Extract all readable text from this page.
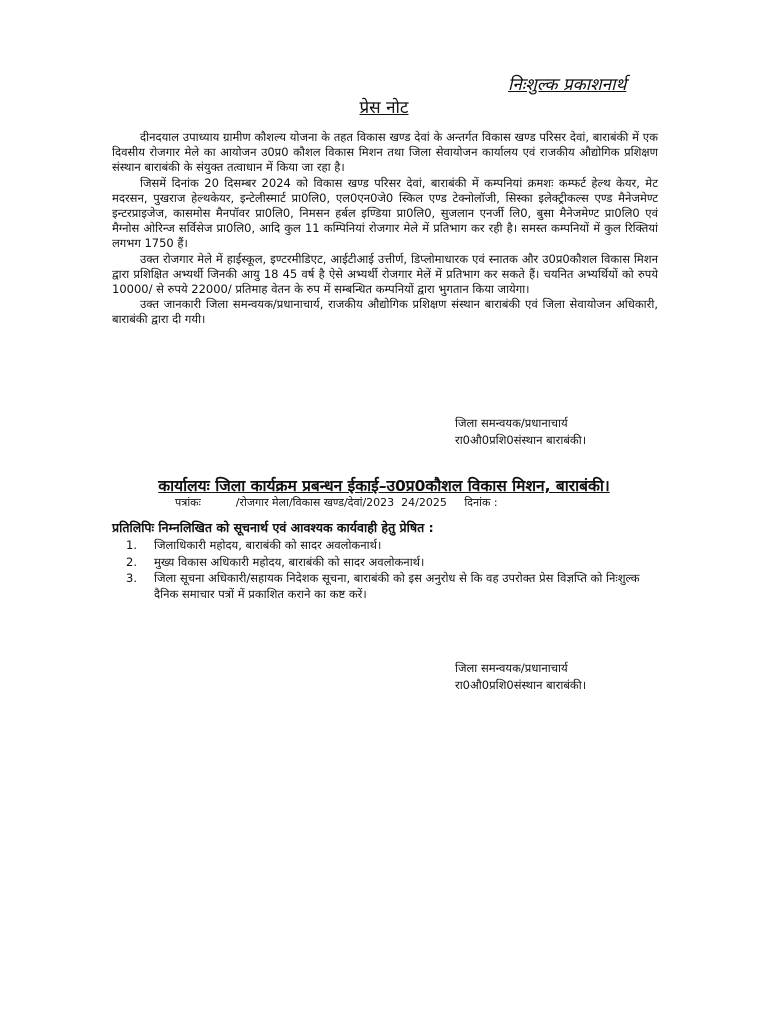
निःशुल्क प्रकाशनार्थ
प्रेस नोट

दीनदयाल उपाध्याय ग्रामीण कौशल्य योजना के तहत विकास खण्ड देवां के अन्तर्गत विकास खण्ड परिसर देवां, बाराबंकी में एक दिवसीय रोजगार मेले का आयोजन उ0प्र0 कौशल विकास मिशन तथा जिला सेवायोजन कार्यालय एवं राजकीय औद्योगिक प्रशिक्षण संस्थान बाराबंकी के संयुक्त तत्वाधान में किया जा रहा है।

जिसमें दिनांक 20 दिसम्बर 2024 को विकास खण्ड परिसर देवां, बाराबंकी में कम्पनियां क्रमशः कम्फर्ट हेल्थ केयर, मेट मदरसन, पुखराज हेल्थकेयर, इन्टेलीस्मार्ट प्रा0लि0, एल0एन0जे0 स्किल एण्ड टेक्नोलॉजी, सिस्का इलेक्ट्रीकल्स एण्ड मैनेजमेण्ट इन्टरप्राइजेज, कासमोस मैनपॉवर प्रा0लि0, निमसन हर्बल इण्डिया प्रा0लि0, सुजलान एनर्जी लि0, बुसा मैनेजमेण्ट प्रा0लि0 एवं मैग्नोस ओरिन्ज सर्विसेज प्रा0लि0, आदि कुल 11 कम्पिनियां रोजगार मेले में प्रतिभाग कर रही है। समस्त कम्पनियों में कुल रिक्तियां लगभग 1750 हैं।

उक्त रोजगार मेले में हाईस्कूल, इण्टरमीडिएट, आईटीआई उत्तीर्ण, डिप्लोमाधारक एवं स्नातक और उ0प्र0कौशल विकास मिशन द्वारा प्रशिक्षित अभ्यर्थी जिनकी आयु 18 45 वर्ष है ऐसे अभ्यर्थी रोजगार मेलें में प्रतिभाग कर सकते हैं। चयनित अभ्यर्थियों को रुपये 10000/ से रुपये 22000/ प्रतिमाह वेतन के रुप में सम्बन्धित कम्पनियों द्वारा भुगतान किया जायेगा।

उक्त जानकारी जिला समन्वयक/प्रधानाचार्य, राजकीय औद्योगिक प्रशिक्षण संस्थान बाराबंकी एवं जिला सेवायोजन अधिकारी, बाराबंकी द्वारा दी गयी।

जिला समन्वयक/प्रधानाचार्य
रा0औ0प्रशि0संस्थान बाराबंकी।
कार्यालयः जिला कार्यक्रम प्रबन्धन ईकाई–उ0प्र0कौशल विकास मिशन, बाराबंकी।
पत्रांकः          /रोजगार मेला/विकास खण्ड/देवां/2023  24/2025     दिनांक :
प्रतिलिपिः निम्नलिखित को सूचनार्थ एवं आवश्यक कार्यवाही हेतु प्रेषित :
1. जिलाधिकारी महोदय, बाराबंकी को सादर अवलोकनार्थ।
2. मुख्य विकास अधिकारी महोदय, बाराबंकी को सादर अवलोकनार्थ।
3. जिला सूचना अधिकारी/सहायक निदेशक सूचना, बाराबंकी को इस अनुरोध से कि वह उपरोक्त प्रेस विज्ञप्ति को निःशुल्क दैनिक समाचार पत्रों में प्रकाशित कराने का कष्ट करें।
जिला समन्वयक/प्रधानाचार्य
रा0औ0प्रशि0संस्थान बाराबंकी।
